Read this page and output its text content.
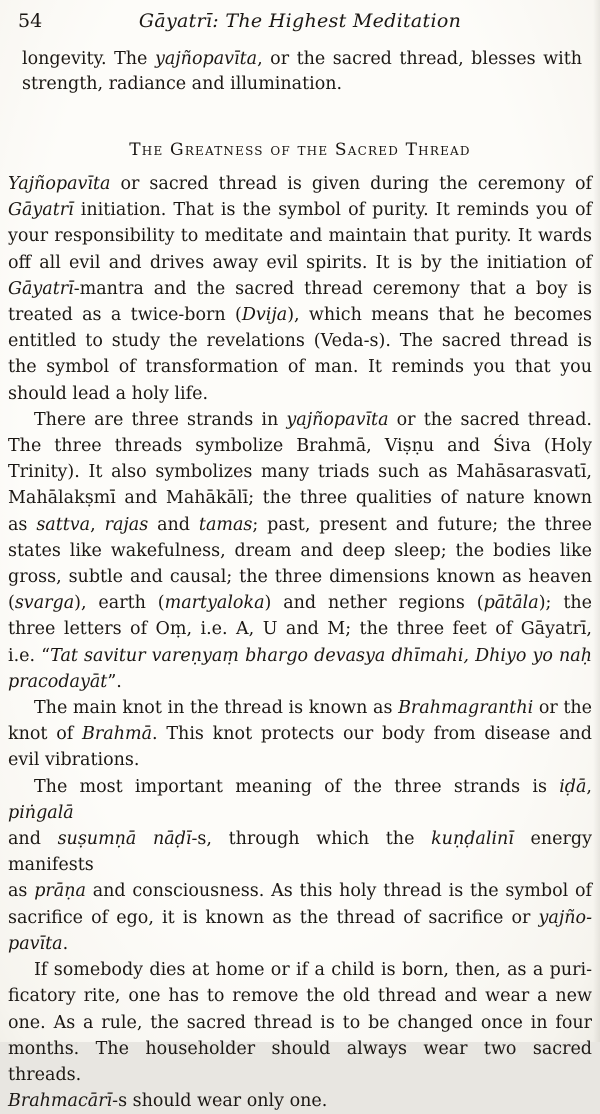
54	Gāyatrī: The Highest Meditation
longevity. The yajñopavīta, or the sacred thread, blesses with
strength, radiance and illumination.
The Greatness of the Sacred Thread
Yajñopavīta or sacred thread is given during the ceremony of
Gāyatrī initiation. That is the symbol of purity. It reminds you of
your responsibility to meditate and maintain that purity. It wards
off all evil and drives away evil spirits. It is by the initiation of
Gāyatrī-mantra and the sacred thread ceremony that a boy is
treated as a twice-born (Dvija), which means that he becomes
entitled to study the revelations (Veda-s). The sacred thread is
the symbol of transformation of man. It reminds you that you
should lead a holy life.
There are three strands in yajñopavīta or the sacred thread.
The three threads symbolize Brahmā, Viṣṇu and Śiva (Holy
Trinity). It also symbolizes many triads such as Mahāsarasvatī,
Mahālakṣmī and Mahākālī; the three qualities of nature known
as sattva, rajas and tamas; past, present and future; the three
states like wakefulness, dream and deep sleep; the bodies like
gross, subtle and causal; the three dimensions known as heaven
(svarga), earth (martyaloka) and nether regions (pātāla); the
three letters of Oṃ, i.e. A, U and M; the three feet of Gāyatrī,
i.e. “Tat savitur vareṇyaṃ bhargo devasya dhīmahi, Dhiyo yo naḥ
pracodayāt”.
The main knot in the thread is known as Brahmagranthi or the
knot of Brahmā. This knot protects our body from disease and
evil vibrations.
The most important meaning of the three strands is iḍā, piṅgalā
and suṣumṇā nāḍī-s, through which the kuṇḍalinī energy manifests
as prāṇa and consciousness. As this holy thread is the symbol of
sacrifice of ego, it is known as the thread of sacrifice or yajño-
pavīta.
If somebody dies at home or if a child is born, then, as a puri-
ficatory rite, one has to remove the old thread and wear a new
one. As a rule, the sacred thread is to be changed once in four
months. The householder should always wear two sacred threads.
Brahmacārī-s should wear only one.
